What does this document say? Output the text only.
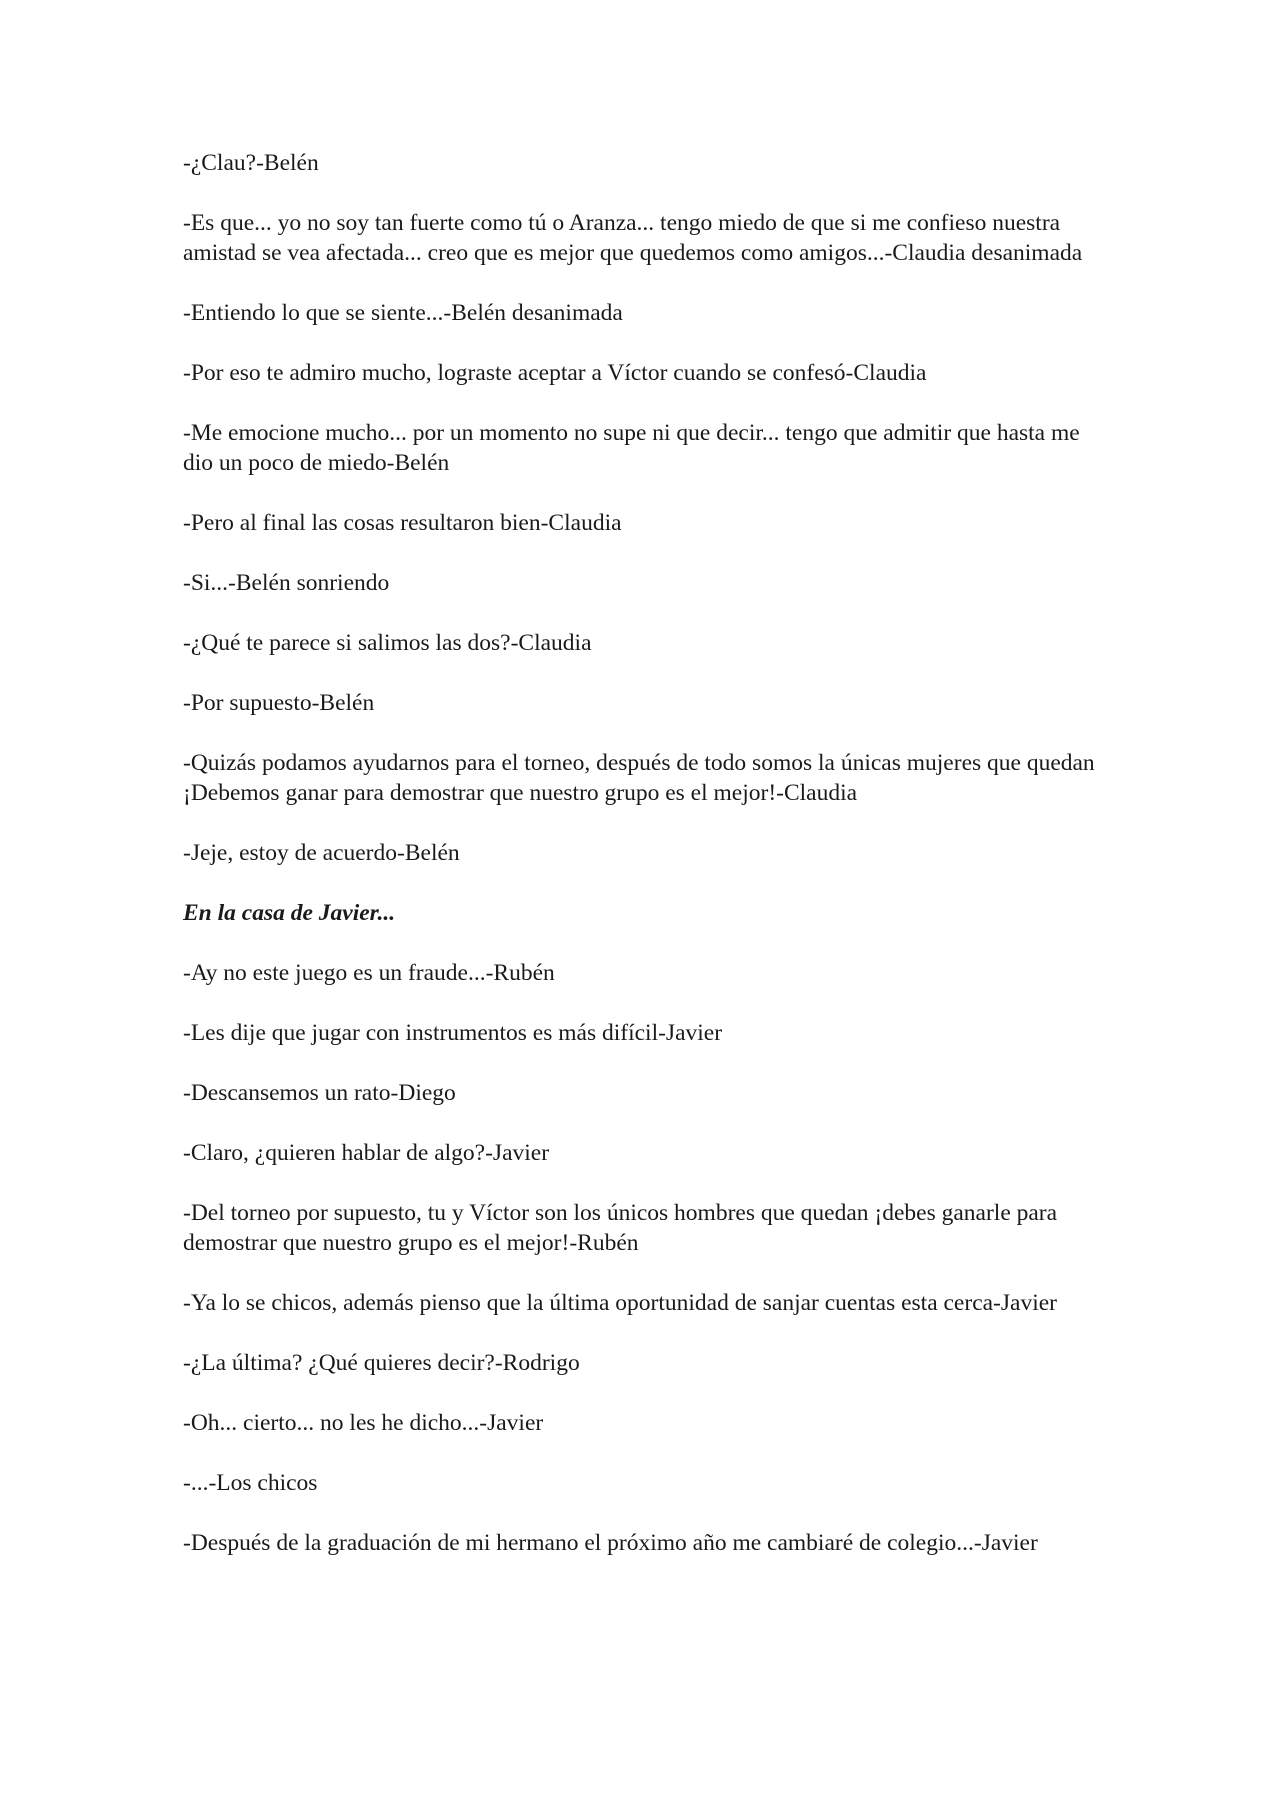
-¿Clau?-Belén

-Es que... yo no soy tan fuerte como tú o Aranza... tengo miedo de que si me confieso nuestra amistad se vea afectada... creo que es mejor que quedemos como amigos...-Claudia desanimada

-Entiendo lo que se siente...-Belén desanimada

-Por eso te admiro mucho, lograste aceptar a Víctor cuando se confesó-Claudia

-Me emocione mucho... por un momento no supe ni que decir... tengo que admitir que hasta me dio un poco de miedo-Belén

-Pero al final las cosas resultaron bien-Claudia

-Si...-Belén sonriendo

-¿Qué te parece si salimos las dos?-Claudia

-Por supuesto-Belén

-Quizás podamos ayudarnos para el torneo, después de todo somos la únicas mujeres que quedan ¡Debemos ganar para demostrar que nuestro grupo es el mejor!-Claudia

-Jeje, estoy de acuerdo-Belén

En la casa de Javier...

-Ay no este juego es un fraude...-Rubén

-Les dije que jugar con instrumentos es más difícil-Javier

-Descansemos un rato-Diego

-Claro, ¿quieren hablar de algo?-Javier

-Del torneo por supuesto, tu y Víctor son los únicos hombres que quedan ¡debes ganarle para demostrar que nuestro grupo es el mejor!-Rubén

-Ya lo se chicos, además pienso que la última oportunidad de sanjar cuentas esta cerca-Javier

-¿La última? ¿Qué quieres decir?-Rodrigo

-Oh... cierto... no les he dicho...-Javier

-...-Los chicos

-Después de la graduación de mi hermano el próximo año me cambiaré de colegio...-Javier
